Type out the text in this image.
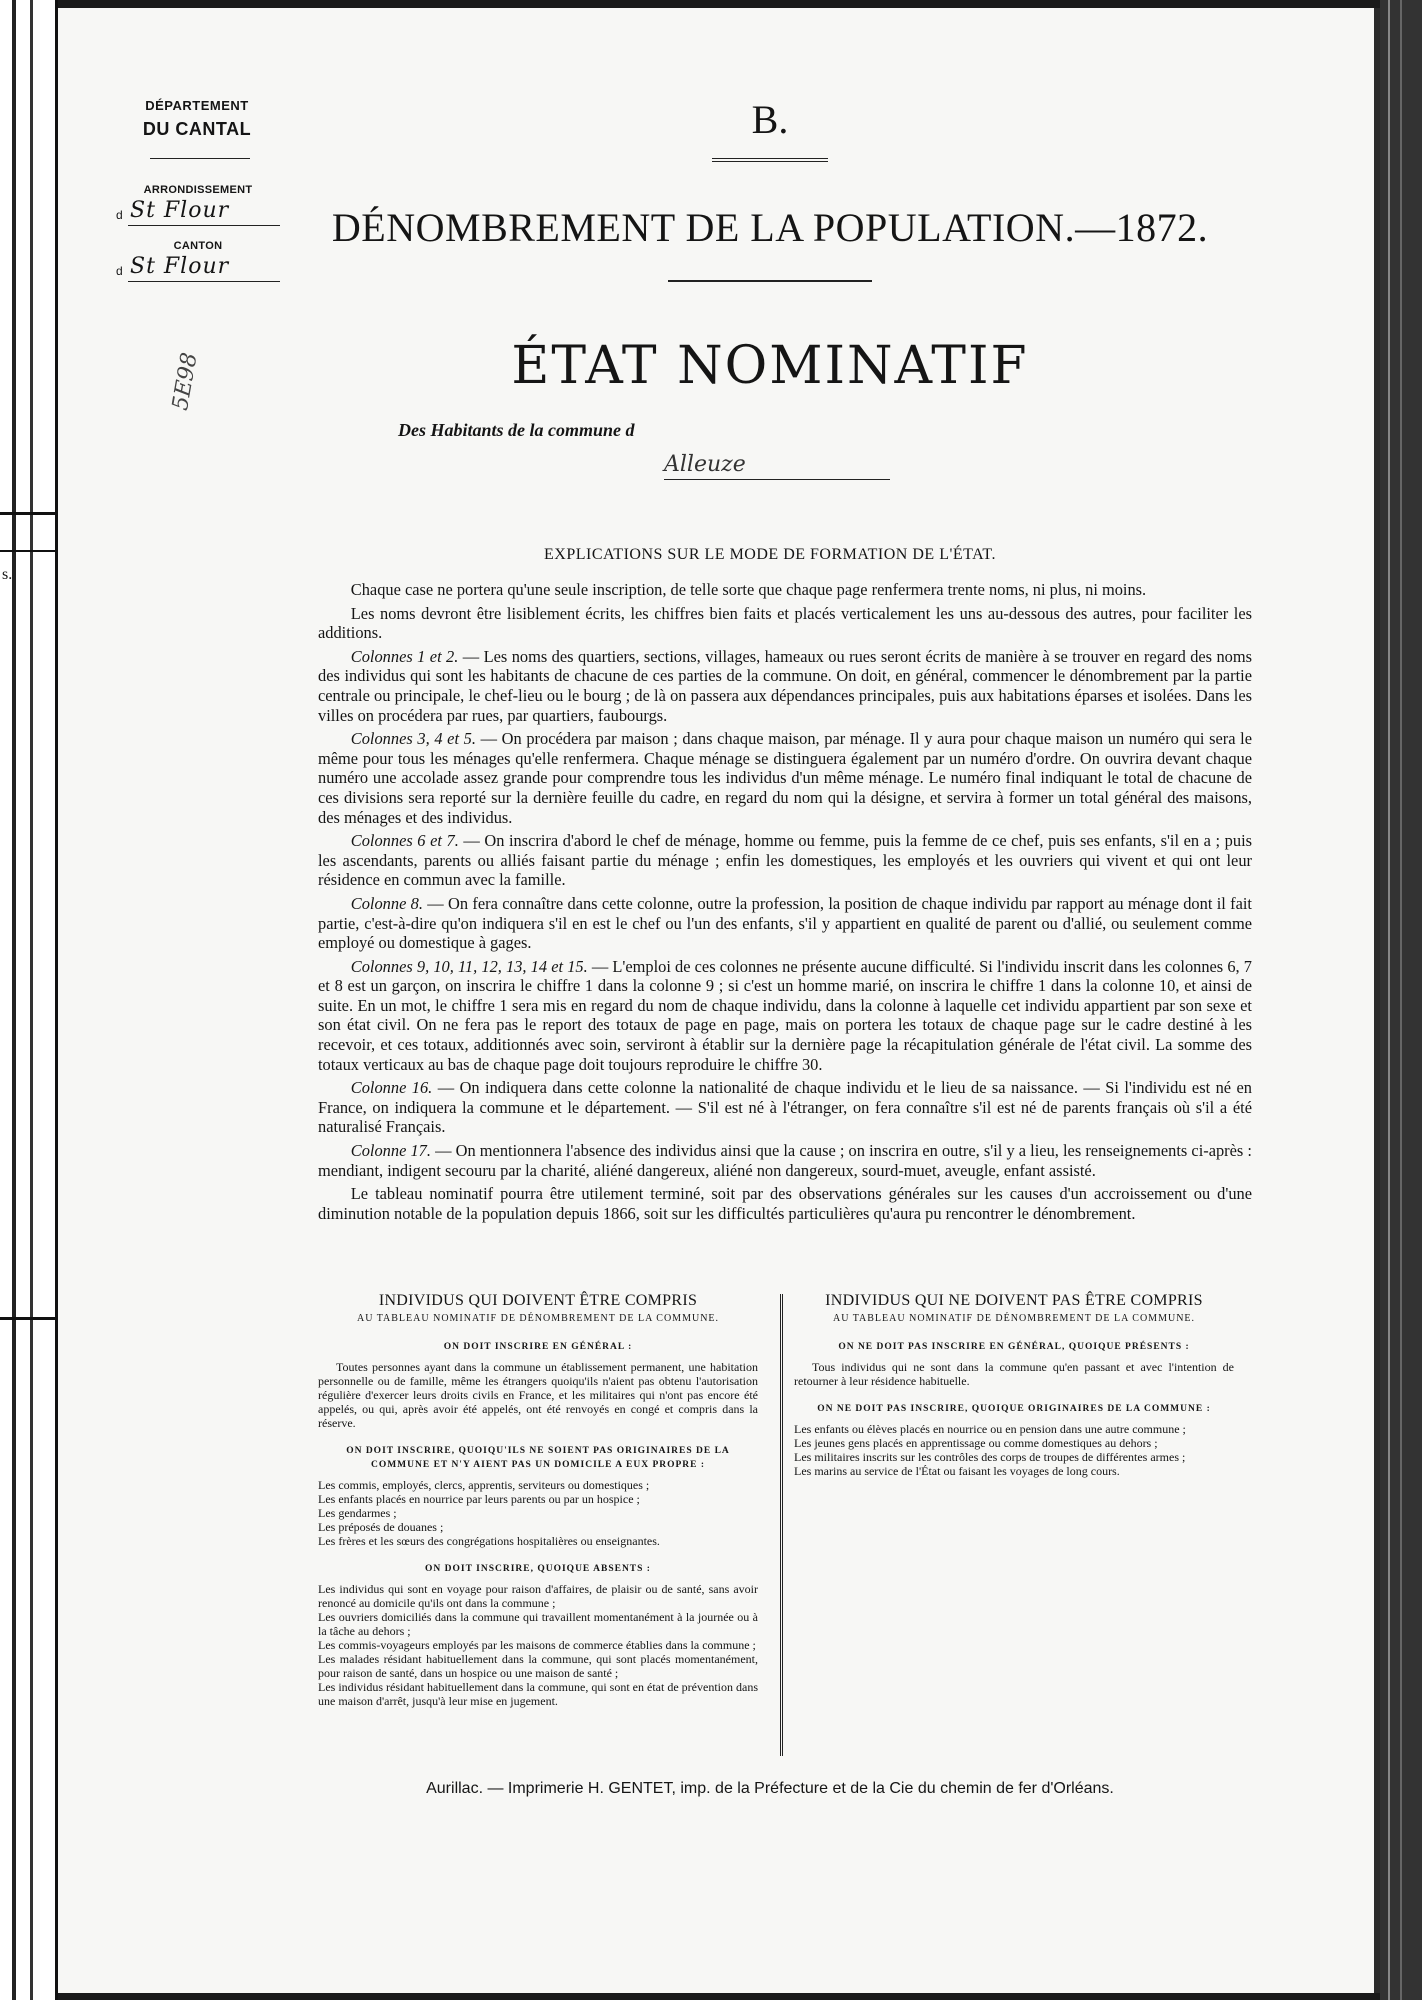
s.
DÉPARTEMENT
DU CANTAL
ARRONDISSEMENT
d St Flour
CANTON
d St Flour
5E98
B.
DÉNOMBREMENT DE LA POPULATION.—1872.
ÉTAT NOMINATIF
Des Habitants de la commune d
Alleuze
EXPLICATIONS SUR LE MODE DE FORMATION DE L'ÉTAT.

Chaque case ne portera qu'une seule inscription, de telle sorte que chaque page renfermera trente noms, ni plus, ni moins.

Les noms devront être lisiblement écrits, les chiffres bien faits et placés verticalement les uns au-dessous des autres, pour faciliter les additions.

Colonnes 1 et 2. — Les noms des quartiers, sections, villages, hameaux ou rues seront écrits de manière à se trouver en regard des noms des individus qui sont les habitants de chacune de ces parties de la commune. On doit, en général, commencer le dénombrement par la partie centrale ou principale, le chef-lieu ou le bourg ; de là on passera aux dépendances principales, puis aux habitations éparses et isolées. Dans les villes on procédera par rues, par quartiers, faubourgs.

Colonnes 3, 4 et 5. — On procédera par maison ; dans chaque maison, par ménage. Il y aura pour chaque maison un numéro qui sera le même pour tous les ménages qu'elle renfermera. Chaque ménage se distinguera également par un numéro d'ordre. On ouvrira devant chaque numéro une accolade assez grande pour comprendre tous les individus d'un même ménage. Le numéro final indiquant le total de chacune de ces divisions sera reporté sur la dernière feuille du cadre, en regard du nom qui la désigne, et servira à former un total général des maisons, des ménages et des individus.

Colonnes 6 et 7. — On inscrira d'abord le chef de ménage, homme ou femme, puis la femme de ce chef, puis ses enfants, s'il en a ; puis les ascendants, parents ou alliés faisant partie du ménage ; enfin les domestiques, les employés et les ouvriers qui vivent et qui ont leur résidence en commun avec la famille.

Colonne 8. — On fera connaître dans cette colonne, outre la profession, la position de chaque individu par rapport au ménage dont il fait partie, c'est-à-dire qu'on indiquera s'il en est le chef ou l'un des enfants, s'il y appartient en qualité de parent ou d'allié, ou seulement comme employé ou domestique à gages.

Colonnes 9, 10, 11, 12, 13, 14 et 15. — L'emploi de ces colonnes ne présente aucune difficulté. Si l'individu inscrit dans les colonnes 6, 7 et 8 est un garçon, on inscrira le chiffre 1 dans la colonne 9 ; si c'est un homme marié, on inscrira le chiffre 1 dans la colonne 10, et ainsi de suite. En un mot, le chiffre 1 sera mis en regard du nom de chaque individu, dans la colonne à laquelle cet individu appartient par son sexe et son état civil. On ne fera pas le report des totaux de page en page, mais on portera les totaux de chaque page sur le cadre destiné à les recevoir, et ces totaux, additionnés avec soin, serviront à établir sur la dernière page la récapitulation générale de l'état civil. La somme des totaux verticaux au bas de chaque page doit toujours reproduire le chiffre 30.

Colonne 16. — On indiquera dans cette colonne la nationalité de chaque individu et le lieu de sa naissance. — Si l'individu est né en France, on indiquera la commune et le département. — S'il est né à l'étranger, on fera connaître s'il est né de parents français où s'il a été naturalisé Français.

Colonne 17. — On mentionnera l'absence des individus ainsi que la cause ; on inscrira en outre, s'il y a lieu, les renseignements ci-après : mendiant, indigent secouru par la charité, aliéné dangereux, aliéné non dangereux, sourd-muet, aveugle, enfant assisté.

Le tableau nominatif pourra être utilement terminé, soit par des observations générales sur les causes d'un accroissement ou d'une diminution notable de la population depuis 1866, soit sur les difficultés particulières qu'aura pu rencontrer le dénombrement.

INDIVIDUS QUI DOIVENT ÊTRE COMPRIS
AU TABLEAU NOMINATIF DE DÉNOMBREMENT DE LA COMMUNE.
ON DOIT INSCRIRE EN GÉNÉRAL :

Toutes personnes ayant dans la commune un établissement permanent, une habitation personnelle ou de famille, même les étrangers quoiqu'ils n'aient pas obtenu l'autorisation régulière d'exercer leurs droits civils en France, et les militaires qui n'ont pas encore été appelés, ou qui, après avoir été appelés, ont été renvoyés en congé et compris dans la réserve.

ON DOIT INSCRIRE, QUOIQU'ILS NE SOIENT PAS ORIGINAIRES DE LA COMMUNE ET N'Y AIENT PAS UN DOMICILE A EUX PROPRE :
Les commis, employés, clercs, apprentis, serviteurs ou domestiques ;
Les enfants placés en nourrice par leurs parents ou par un hospice ;
Les gendarmes ;
Les préposés de douanes ;
Les frères et les sœurs des congrégations hospitalières ou enseignantes.
ON DOIT INSCRIRE, QUOIQUE ABSENTS :
Les individus qui sont en voyage pour raison d'affaires, de plaisir ou de santé, sans avoir renoncé au domicile qu'ils ont dans la commune ;
Les ouvriers domiciliés dans la commune qui travaillent momentanément à la journée ou à la tâche au dehors ;
Les commis-voyageurs employés par les maisons de commerce établies dans la commune ;
Les malades résidant habituellement dans la commune, qui sont placés momentanément, pour raison de santé, dans un hospice ou une maison de santé ;
Les individus résidant habituellement dans la commune, qui sont en état de prévention dans une maison d'arrêt, jusqu'à leur mise en jugement.
INDIVIDUS QUI NE DOIVENT PAS ÊTRE COMPRIS
AU TABLEAU NOMINATIF DE DÉNOMBREMENT DE LA COMMUNE.
ON NE DOIT PAS INSCRIRE EN GÉNÉRAL, QUOIQUE PRÉSENTS :

Tous individus qui ne sont dans la commune qu'en passant et avec l'intention de retourner à leur résidence habituelle.

ON NE DOIT PAS INSCRIRE, QUOIQUE ORIGINAIRES DE LA COMMUNE :
Les enfants ou élèves placés en nourrice ou en pension dans une autre commune ;
Les jeunes gens placés en apprentissage ou comme domestiques au dehors ;
Les militaires inscrits sur les contrôles des corps de troupes de différentes armes ;
Les marins au service de l'État ou faisant les voyages de long cours.
Aurillac. — Imprimerie H. GENTET, imp. de la Préfecture et de la Cie du chemin de fer d'Orléans.
